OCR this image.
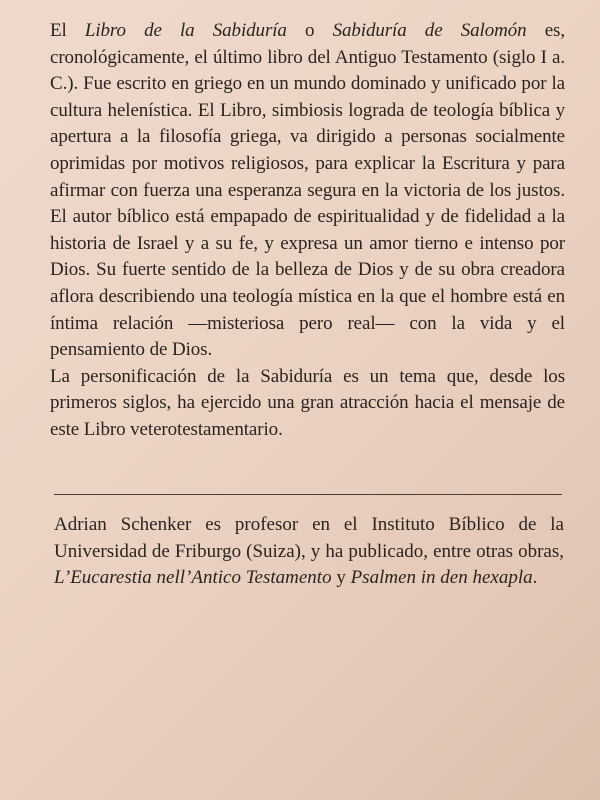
El Libro de la Sabiduría o Sabiduría de Salomón es, cronológicamente, el último libro del Antiguo Testamento (siglo I a. C.). Fue escrito en griego en un mundo dominado y unificado por la cultura helenística. El Libro, simbiosis lograda de teología bíblica y apertura a la filosofía griega, va dirigido a personas socialmente oprimidas por motivos religiosos, para explicar la Escritura y para afirmar con fuerza una esperanza segura en la victoria de los justos. El autor bíblico está empapado de espiritualidad y de fidelidad a la historia de Israel y a su fe, y expresa un amor tierno e intenso por Dios. Su fuerte sentido de la belleza de Dios y de su obra creadora aflora describiendo una teología mística en la que el hombre está en íntima relación —misteriosa pero real— con la vida y el pensamiento de Dios.

La personificación de la Sabiduría es un tema que, desde los primeros siglos, ha ejercido una gran atracción hacia el mensaje de este Libro veterotestamentario.

Adrian Schenker es profesor en el Instituto Bíblico de la Universidad de Friburgo (Suiza), y ha publicado, entre otras obras, L’Eucarestia nell’Antico Testamento y Psalmen in den hexapla.
